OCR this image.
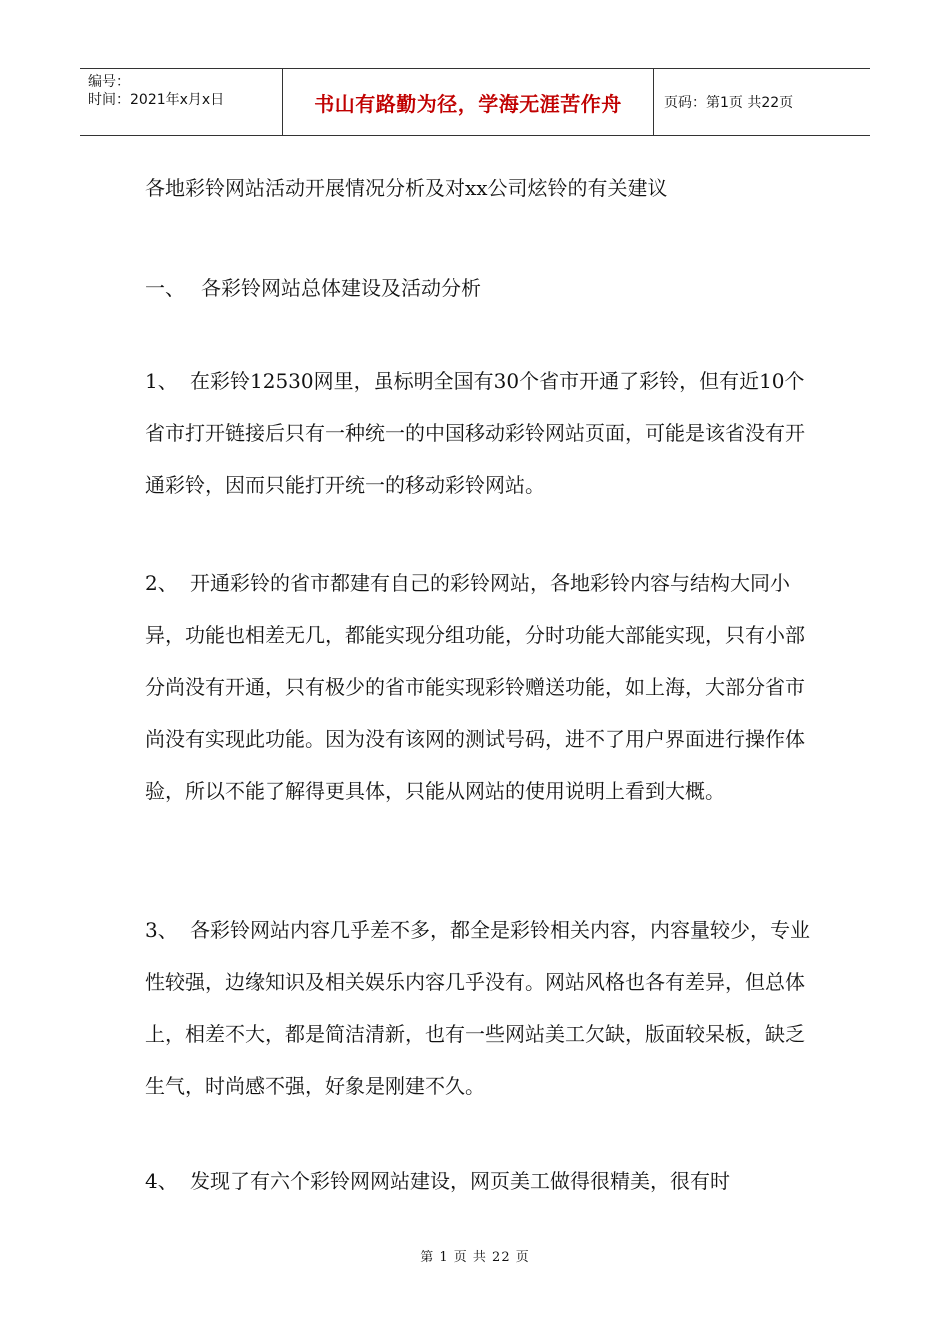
编号：
时间：2021年x月x日	书山有路勤为径，学海无涯苦作舟	页码：第1页 共22页
各地彩铃网站活动开展情况分析及对xx公司炫铃的有关建议
一、 各彩铃网站总体建设及活动分析

1、 在彩铃12530网里，虽标明全国有30个省市开通了彩铃，但有近10个省市打开链接后只有一种统一的中国移动彩铃网站页面，可能是该省没有开通彩铃，因而只能打开统一的移动彩铃网站。

2、 开通彩铃的省市都建有自己的彩铃网站，各地彩铃内容与结构大同小异，功能也相差无几，都能实现分组功能，分时功能大部能实现，只有小部分尚没有开通，只有极少的省市能实现彩铃赠送功能，如上海，大部分省市尚没有实现此功能。因为没有该网的测试号码，进不了用户界面进行操作体验，所以不能了解得更具体，只能从网站的使用说明上看到大概。

3、 各彩铃网站内容几乎差不多，都全是彩铃相关内容，内容量较少，专业性较强，边缘知识及相关娱乐内容几乎没有。网站风格也各有差异，但总体上，相差不大，都是简洁清新，也有一些网站美工欠缺，版面较呆板，缺乏生气，时尚感不强，好象是刚建不久。

4、 发现了有六个彩铃网网站建设，网页美工做得很精美，很有时

第 1 页 共 22 页
